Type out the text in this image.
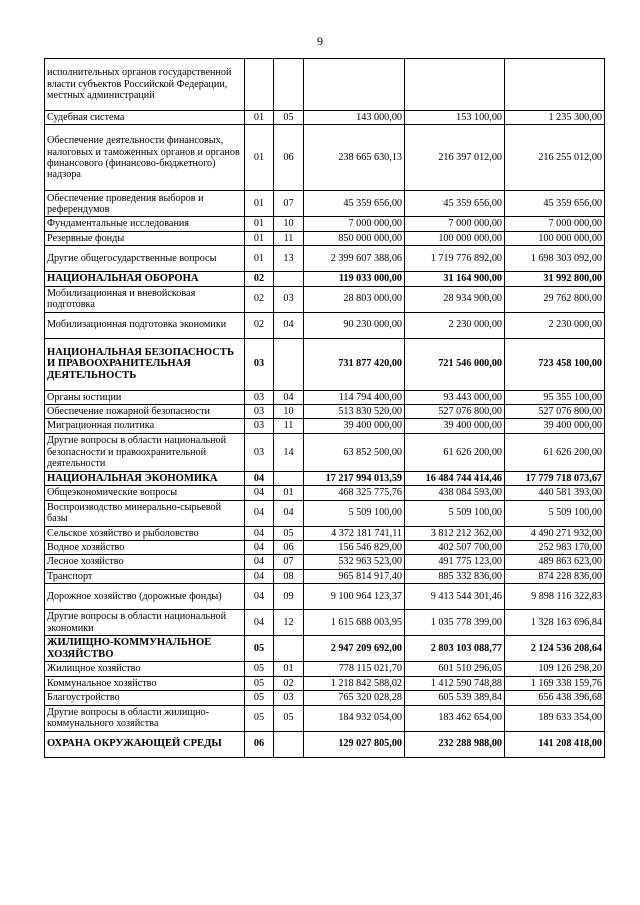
9
исполнительных органов государственной власти субъектов Российской Федерации, местных администраций					
Судебная система	01	05	143 000,00	153 100,00	1 235 300,00
Обеспечение деятельности финансовых, налоговых и таможенных органов и органов финансового (финансово-бюджетного) надзора	01	06	238 665 630,13	216 397 012,00	216 255 012,00
Обеспечение проведения выборов и референдумов	01	07	45 359 656,00	45 359 656,00	45 359 656,00
Фундаментальные исследования	01	10	7 000 000,00	7 000 000,00	7 000 000,00
Резервные фонды	01	11	850 000 000,00	100 000 000,00	100 000 000,00
Другие общегосударственные вопросы	01	13	2 399 607 388,06	1 719 776 892,00	1 698 303 092,00
НАЦИОНАЛЬНАЯ ОБОРОНА	02		119 033 000,00	31 164 900,00	31 992 800,00
Мобилизационная и вневойсковая подготовка	02	03	28 803 000,00	28 934 900,00	29 762 800,00
Мобилизационная подготовка экономики	02	04	90 230 000,00	2 230 000,00	2 230 000,00
НАЦИОНАЛЬНАЯ БЕЗОПАСНОСТЬ И ПРАВООХРАНИТЕЛЬНАЯ ДЕЯТЕЛЬНОСТЬ	03		731 877 420,00	721 546 000,00	723 458 100,00
Органы юстиции	03	04	114 794 400,00	93 443 000,00	95 355 100,00
Обеспечение пожарной безопасности	03	10	513 830 520,00	527 076 800,00	527 076 800,00
Миграционная политика	03	11	39 400 000,00	39 400 000,00	39 400 000,00
Другие вопросы в области национальной безопасности и правоохранительной деятельности	03	14	63 852 500,00	61 626 200,00	61 626 200,00
НАЦИОНАЛЬНАЯ ЭКОНОМИКА	04		17 217 994 013,59	16 484 744 414,46	17 779 718 073,67
Общеэкономические вопросы	04	01	468 325 775,76	438 084 593,00	440 581 393,00
Воспроизводство минерально-сырьевой базы	04	04	5 509 100,00	5 509 100,00	5 509 100,00
Сельское хозяйство и рыболовство	04	05	4 372 181 741,11	3 812 212 362,00	4 490 271 932,00
Водное хозяйство	04	06	156 546 829,00	402 507 700,00	252 983 170,00
Лесное хозяйство	04	07	532 963 523,00	491 775 123,00	489 863 623,00
Транспорт	04	08	965 814 917,40	885 332 836,00	874 228 836,00
Дорожное хозяйство (дорожные фонды)	04	09	9 100 964 123,37	9 413 544 301,46	9 898 116 322,83
Другие вопросы в области национальной экономики	04	12	1 615 688 003,95	1 035 778 399,00	1 328 163 696,84
ЖИЛИЩНО-КОММУНАЛЬНОЕ ХОЗЯЙСТВО	05		2 947 209 692,00	2 803 103 088,77	2 124 536 208,64
Жилищное хозяйство	05	01	778 115 021,70	601 510 296,05	109 126 298,20
Коммунальное хозяйство	05	02	1 218 842 588,02	1 412 590 748,88	1 169 338 159,76
Благоустройство	05	03	765 320 028,28	605 539 389,84	656 438 396,68
Другие вопросы в области жилищно-коммунального хозяйства	05	05	184 932 054,00	183 462 654,00	189 633 354,00
ОХРАНА ОКРУЖАЮЩЕЙ СРЕДЫ	06		129 027 805,00	232 288 988,00	141 208 418,00
